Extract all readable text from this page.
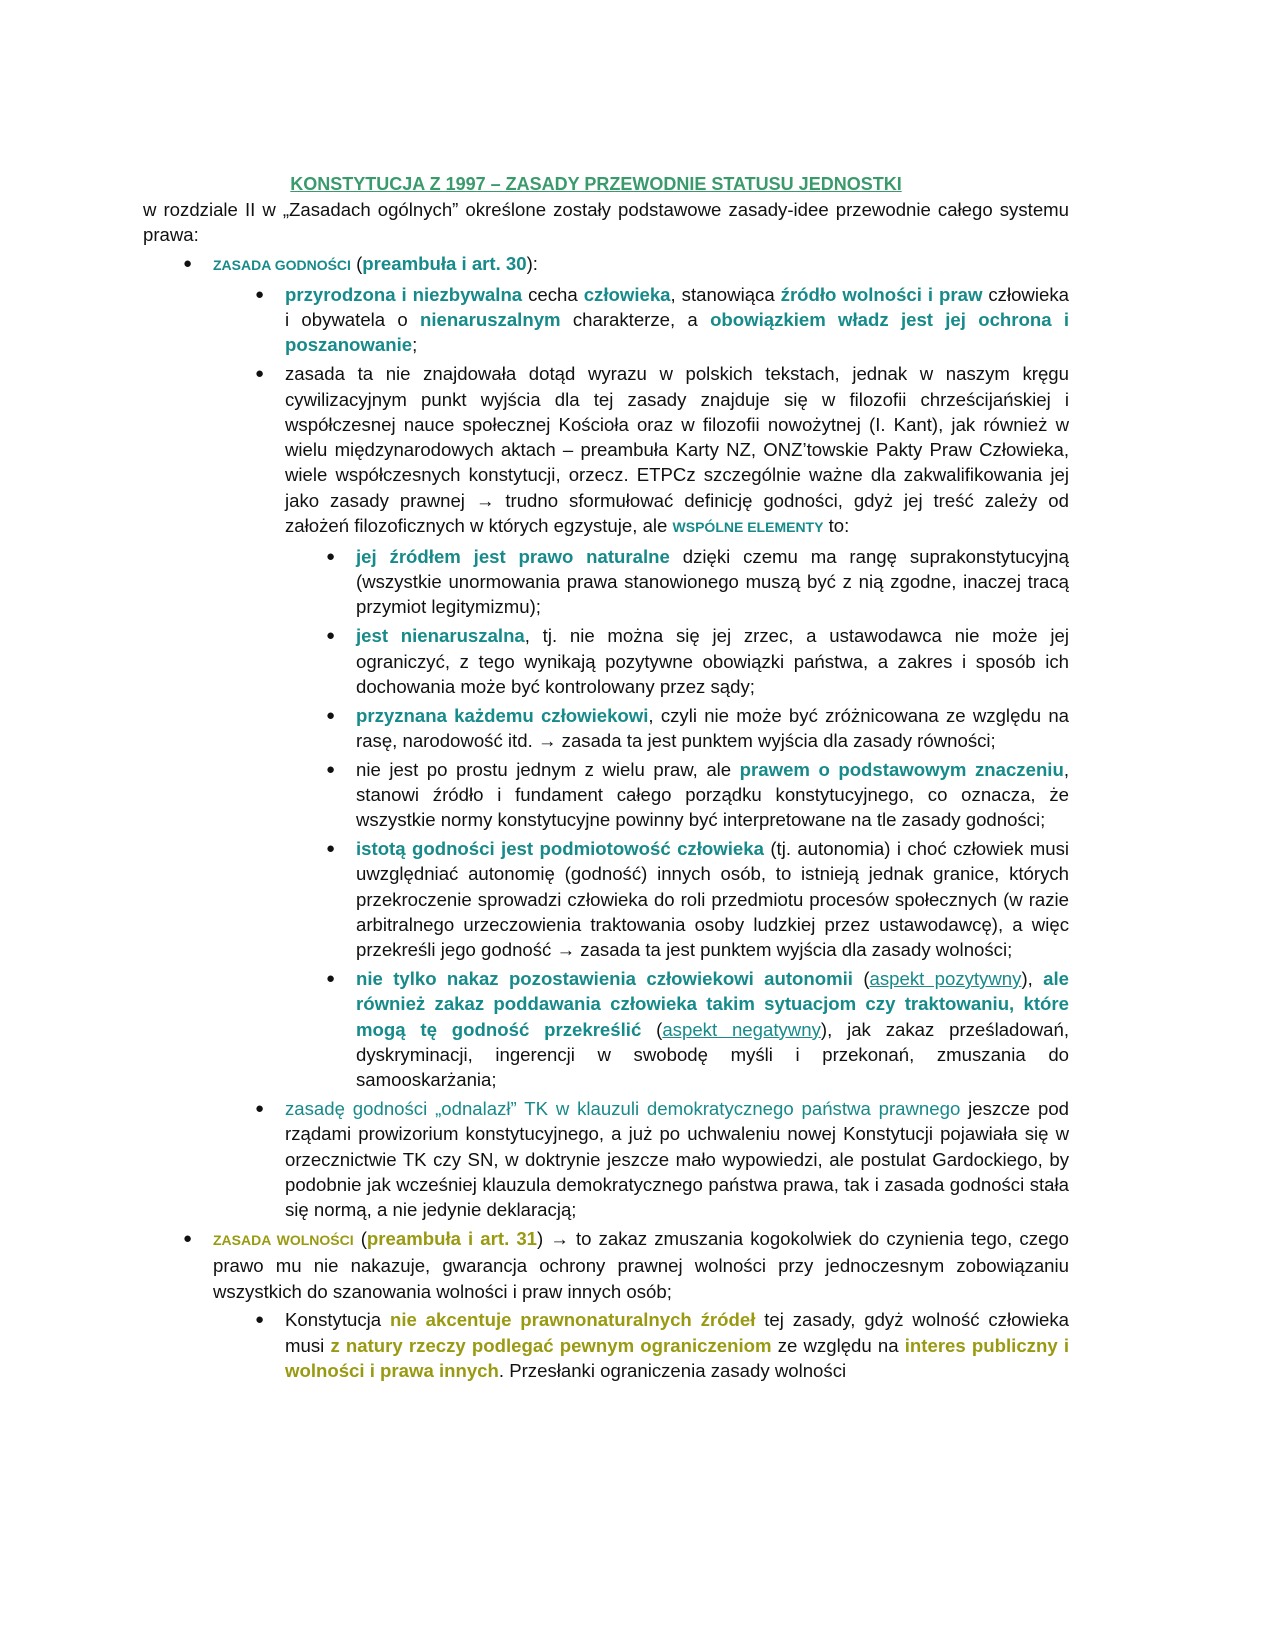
KONSTYTUCJA Z 1997 – ZASADY PRZEWODNIE STATUSU JEDNOSTKI

w rozdziale II w „Zasadach ogólnych” określone zostały podstawowe zasady-idee przewodnie całego systemu prawa:

● ZASADA GODNOŚCI (preambuła i art. 30):

● przyrodzona i niezbywalna cecha człowieka, stanowiąca źródło wolności i praw człowieka i obywatela o nienaruszalnym charakterze, a obowiązkiem władz jest jej ochrona i poszanowanie;

● zasada ta nie znajdowała dotąd wyrazu w polskich tekstach, jednak w naszym kręgu cywilizacyjnym punkt wyjścia dla tej zasady znajduje się w filozofii chrześcijańskiej i współczesnej nauce społecznej Kościoła oraz w filozofii nowożytnej (I. Kant), jak również w wielu międzynarodowych aktach – preambuła Karty NZ, ONZ’towskie Pakty Praw Człowieka, wiele współczesnych konstytucji, orzecz. ETPCz szczególnie ważne dla zakwalifikowania jej jako zasady prawnej → trudno sformułować definicję godności, gdyż jej treść zależy od założeń filozoficznych w których egzystuje, ale WSPÓLNE ELEMENTY to:

● jej źródłem jest prawo naturalne dzięki czemu ma rangę suprakonstytucyjną (wszystkie unormowania prawa stanowionego muszą być z nią zgodne, inaczej tracą przymiot legitymizmu);

● jest nienaruszalna, tj. nie można się jej zrzec, a ustawodawca nie może jej ograniczyć, z tego wynikają pozytywne obowiązki państwa, a zakres i sposób ich dochowania może być kontrolowany przez sądy;

● przyznana każdemu człowiekowi, czyli nie może być zróżnicowana ze względu na rasę, narodowość itd. → zasada ta jest punktem wyjścia dla zasady równości;

● nie jest po prostu jednym z wielu praw, ale prawem o podstawowym znaczeniu, stanowi źródło i fundament całego porządku konstytucyjnego, co oznacza, że wszystkie normy konstytucyjne powinny być interpretowane na tle zasady godności;

● istotą godności jest podmiotowość człowieka (tj. autonomia) i choć człowiek musi uwzględniać autonomię (godność) innych osób, to istnieją jednak granice, których przekroczenie sprowadzi człowieka do roli przedmiotu procesów społecznych (w razie arbitralnego urzeczowienia traktowania osoby ludzkiej przez ustawodawcę), a więc przekreśli jego godność → zasada ta jest punktem wyjścia dla zasady wolności;

● nie tylko nakaz pozostawienia człowiekowi autonomii (aspekt pozytywny), ale również zakaz poddawania człowieka takim sytuacjom czy traktowaniu, które mogą tę godność przekreślić (aspekt negatywny), jak zakaz prześladowań, dyskryminacji, ingerencji w swobodę myśli i przekonań, zmuszania do samooskarżania;

● zasadę godności „odnalazł” TK w klauzuli demokratycznego państwa prawnego jeszcze pod rządami prowizorium konstytucyjnego, a już po uchwaleniu nowej Konstytucji pojawiała się w orzecznictwie TK czy SN, w doktrynie jeszcze mało wypowiedzi, ale postulat Gardockiego, by podobnie jak wcześniej klauzula demokratycznego państwa prawa, tak i zasada godności stała się normą, a nie jedynie deklaracją;

● ZASADA WOLNOŚCI (preambuła i art. 31) → to zakaz zmuszania kogokolwiek do czynienia tego, czego prawo mu nie nakazuje, gwarancja ochrony prawnej wolności przy jednoczesnym zobowiązaniu wszystkich do szanowania wolności i praw innych osób;

● Konstytucja nie akcentuje prawnonaturalnych źródeł tej zasady, gdyż wolność człowieka musi z natury rzeczy podlegać pewnym ograniczeniom ze względu na interes publiczny i wolności i prawa innych. Przesłanki ograniczenia zasady wolności
